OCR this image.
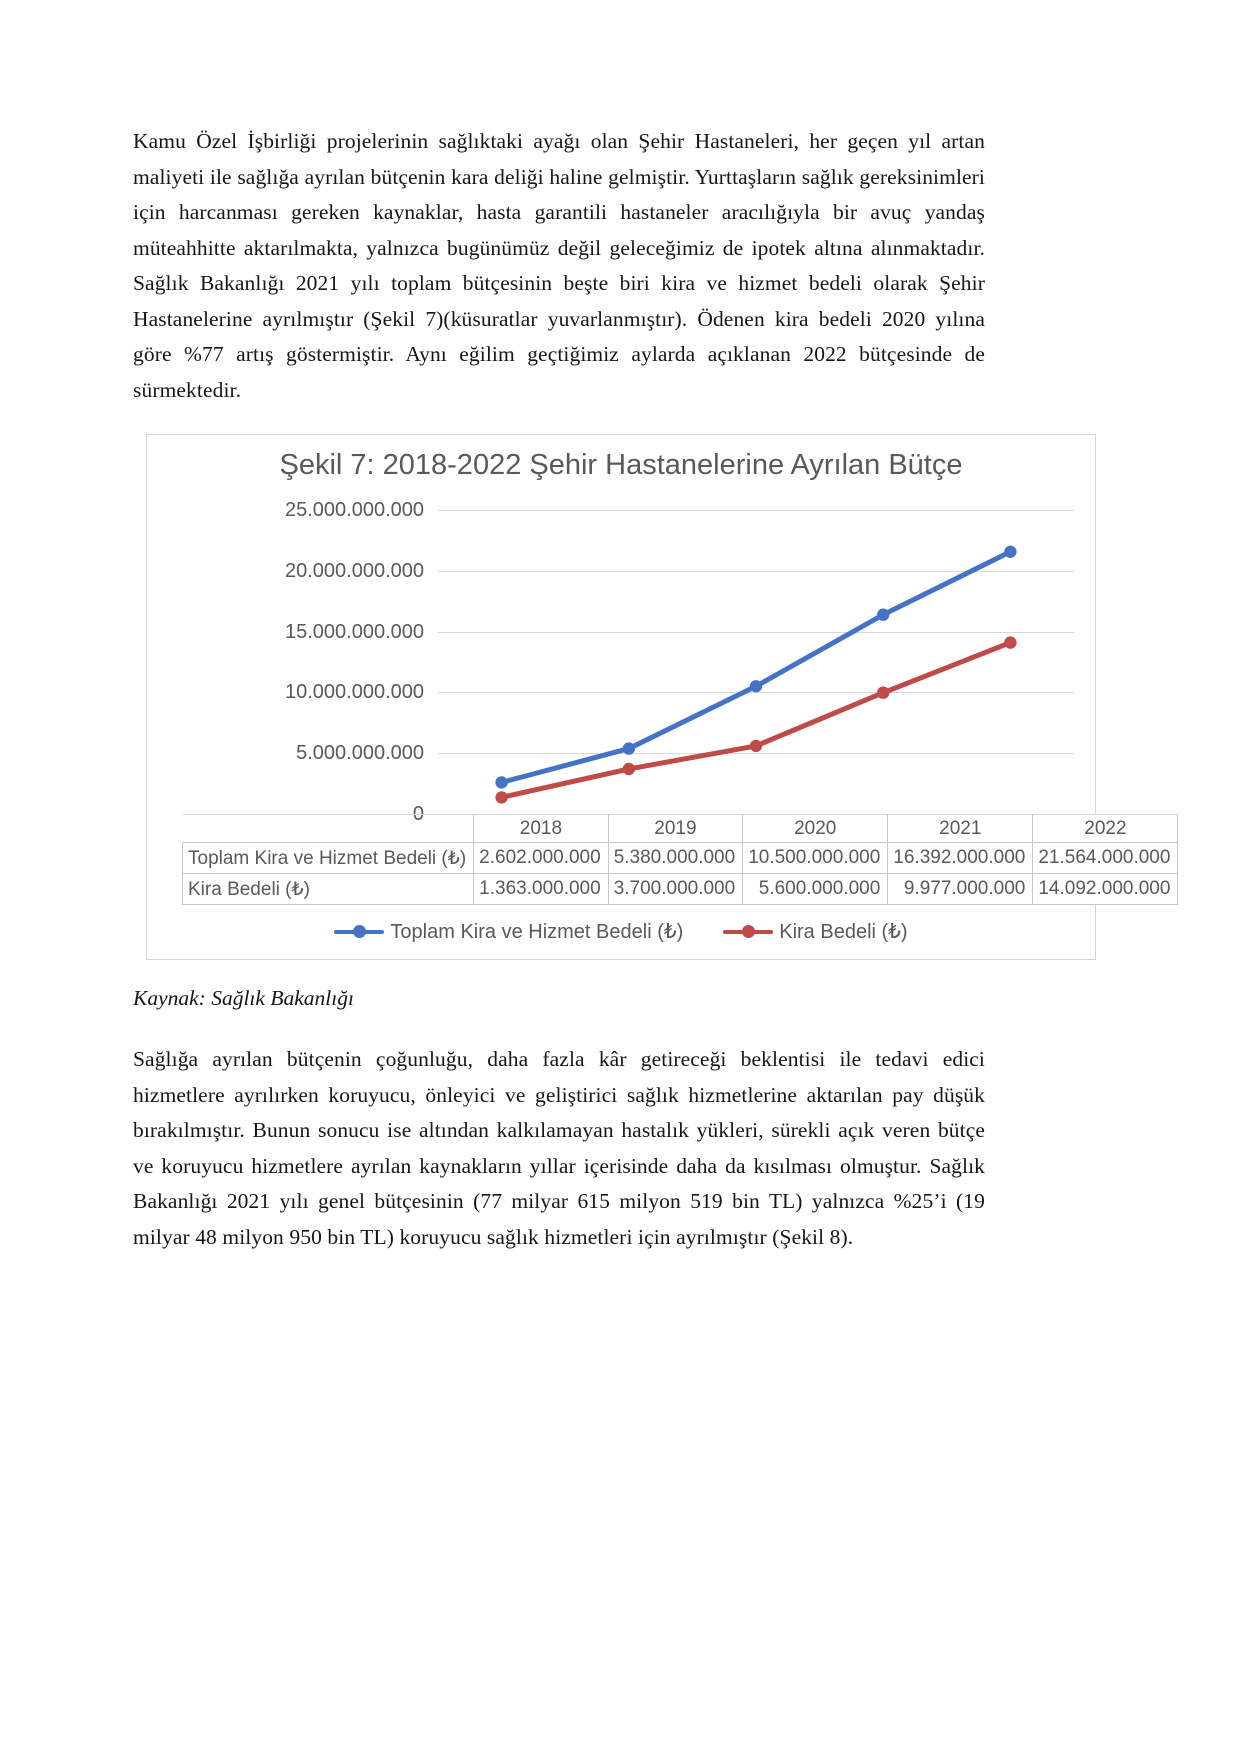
Kamu Özel İşbirliği projelerinin sağlıktaki ayağı olan Şehir Hastaneleri, her geçen yıl artan maliyeti ile sağlığa ayrılan bütçenin kara deliği haline gelmiştir. Yurttaşların sağlık gereksinimleri için harcanması gereken kaynaklar, hasta garantili hastaneler aracılığıyla bir avuç yandaş müteahhitte aktarılmakta, yalnızca bugünümüz değil geleceğimiz de ipotek altına alınmaktadır. Sağlık Bakanlığı 2021 yılı toplam bütçesinin beşte biri kira ve hizmet bedeli olarak Şehir Hastanelerine ayrılmıştır (Şekil 7)(küsuratlar yuvarlanmıştır). Ödenen kira bedeli 2020 yılına göre %77 artış göstermiştir. Aynı eğilim geçtiğimiz aylarda açıklanan 2022 bütçesinde de sürmektedir.

Şekil 7: 2018-2022 Şehir Hastanelerine Ayrılan Bütçe
25.000.000.000
20.000.000.000
15.000.000.000
10.000.000.000
5.000.000.000
0
	2018	2019	2020	2021	2022
Toplam Kira ve Hizmet Bedeli (₺)	2.602.000.000	5.380.000.000	10.500.000.000	16.392.000.000	21.564.000.000
Kira Bedeli (₺)	1.363.000.000	3.700.000.000	5.600.000.000	9.977.000.000	14.092.000.000
Toplam Kira ve Hizmet Bedeli (₺)	Kira Bedeli (₺)

Kaynak: Sağlık Bakanlığı

Sağlığa ayrılan bütçenin çoğunluğu, daha fazla kâr getireceği beklentisi ile tedavi edici hizmetlere ayrılırken koruyucu, önleyici ve geliştirici sağlık hizmetlerine aktarılan pay düşük bırakılmıştır. Bunun sonucu ise altından kalkılamayan hastalık yükleri, sürekli açık veren bütçe ve koruyucu hizmetlere ayrılan kaynakların yıllar içerisinde daha da kısılması olmuştur. Sağlık Bakanlığı 2021 yılı genel bütçesinin (77 milyar 615 milyon 519 bin TL) yalnızca %25’i (19 milyar 48 milyon 950 bin TL) koruyucu sağlık hizmetleri için ayrılmıştır (Şekil 8).
